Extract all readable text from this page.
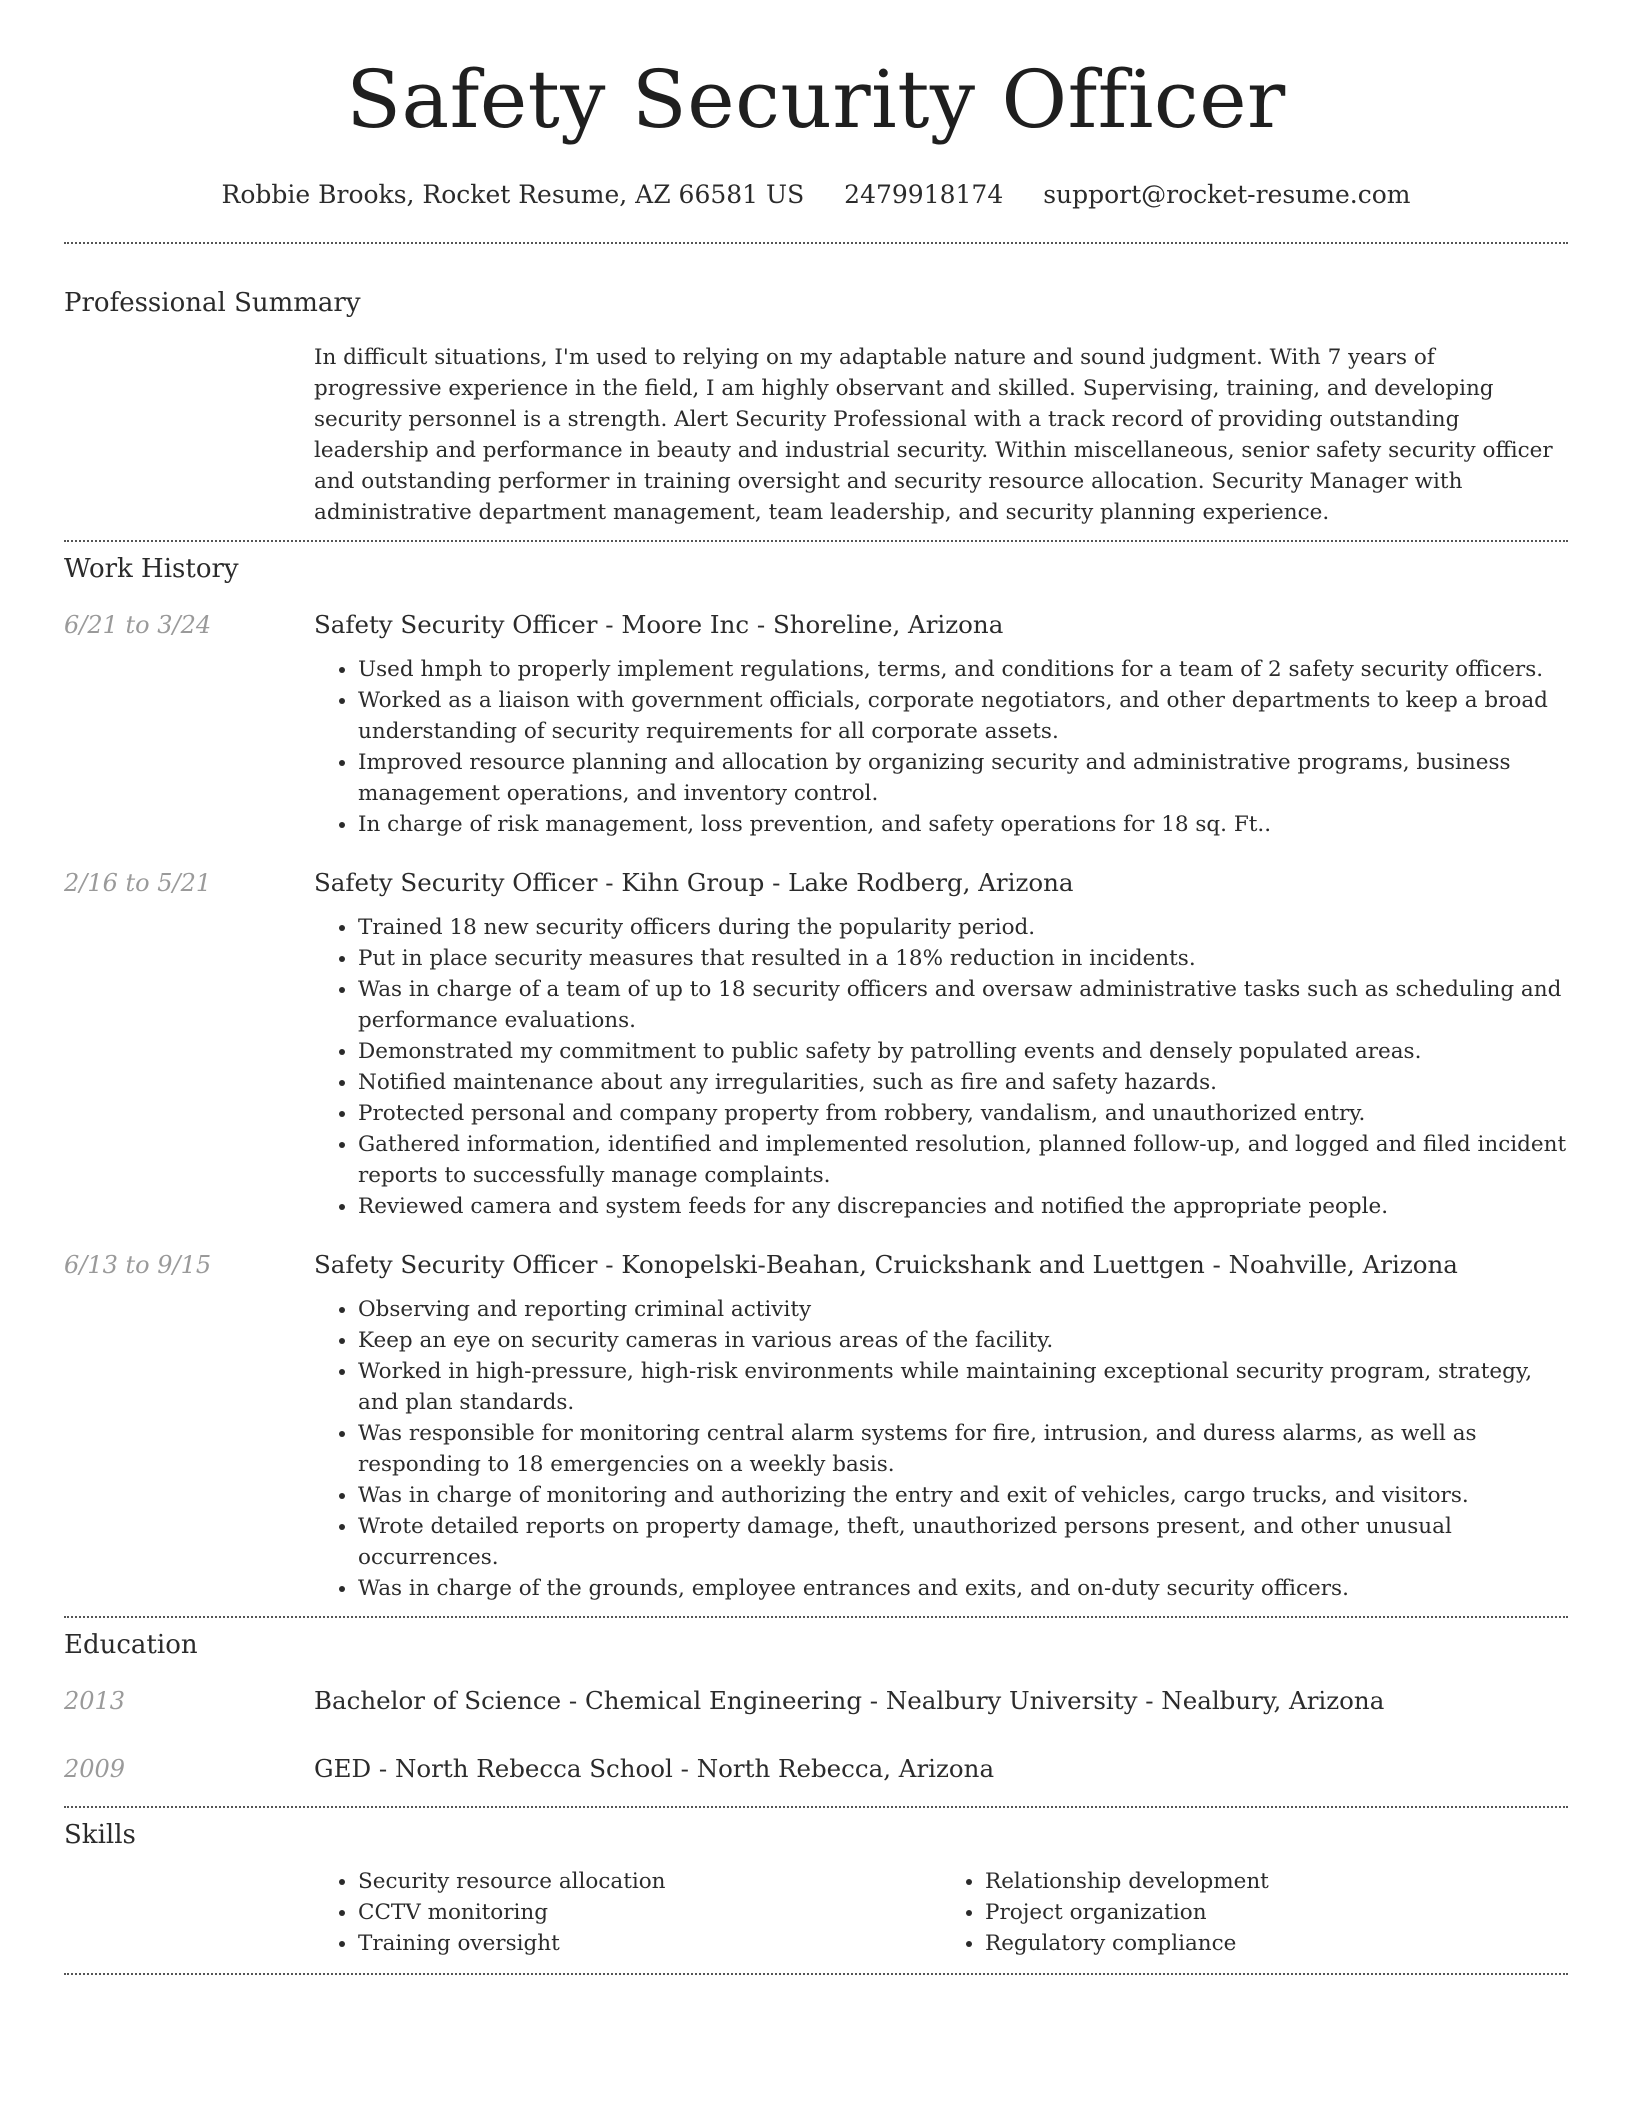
Safety Security Officer
Robbie Brooks, Rocket Resume, AZ 66581 US 2479918174 support@rocket-resume.com
Professional Summary

In difficult situations, I'm used to relying on my adaptable nature and sound judgment. With 7 years of progressive experience in the field, I am highly observant and skilled. Supervising, training, and developing security personnel is a strength. Alert Security Professional with a track record of providing outstanding leadership and performance in beauty and industrial security. Within miscellaneous, senior safety security officer and outstanding performer in training oversight and security resource allocation. Security Manager with administrative department management, team leadership, and security planning experience.

Work History
6/21 to 3/24	Safety Security Officer - Moore Inc - Shoreline, Arizona
• Used hmph to properly implement regulations, terms, and conditions for a team of 2 safety security officers.
• Worked as a liaison with government officials, corporate negotiators, and other departments to keep a broad understanding of security requirements for all corporate assets.
• Improved resource planning and allocation by organizing security and administrative programs, business management operations, and inventory control.
• In charge of risk management, loss prevention, and safety operations for 18 sq. Ft..
2/16 to 5/21	Safety Security Officer - Kihn Group - Lake Rodberg, Arizona
• Trained 18 new security officers during the popularity period.
• Put in place security measures that resulted in a 18% reduction in incidents.
• Was in charge of a team of up to 18 security officers and oversaw administrative tasks such as scheduling and performance evaluations.
• Demonstrated my commitment to public safety by patrolling events and densely populated areas.
• Notified maintenance about any irregularities, such as fire and safety hazards.
• Protected personal and company property from robbery, vandalism, and unauthorized entry.
• Gathered information, identified and implemented resolution, planned follow-up, and logged and filed incident reports to successfully manage complaints.
• Reviewed camera and system feeds for any discrepancies and notified the appropriate people.
6/13 to 9/15	Safety Security Officer - Konopelski-Beahan, Cruickshank and Luettgen - Noahville, Arizona
• Observing and reporting criminal activity
• Keep an eye on security cameras in various areas of the facility.
• Worked in high-pressure, high-risk environments while maintaining exceptional security program, strategy, and plan standards.
• Was responsible for monitoring central alarm systems for fire, intrusion, and duress alarms, as well as responding to 18 emergencies on a weekly basis.
• Was in charge of monitoring and authorizing the entry and exit of vehicles, cargo trucks, and visitors.
• Wrote detailed reports on property damage, theft, unauthorized persons present, and other unusual occurrences.
• Was in charge of the grounds, employee entrances and exits, and on-duty security officers.
Education
2013	Bachelor of Science - Chemical Engineering - Nealbury University - Nealbury, Arizona
2009	GED - North Rebecca School - North Rebecca, Arizona
Skills
• Security resource allocation
• CCTV monitoring
• Training oversight
• Relationship development
• Project organization
• Regulatory compliance
